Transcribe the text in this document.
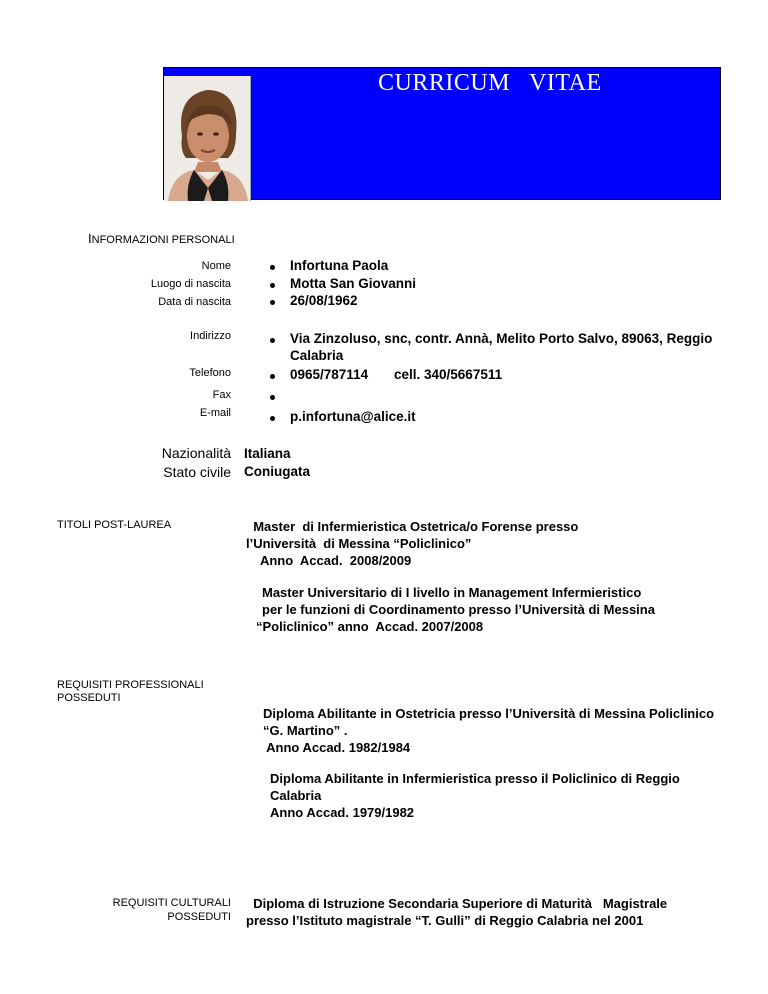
CURRICUM   VITAE
INFORMAZIONI PERSONALI
Nome	Infortuna Paola
Luogo di nascita	Motta San Giovanni
Data di nascita	26/08/1962
Indirizzo	Via Zinzoluso, snc, contr. Annà, Melito Porto Salvo, 89063, Reggio
Calabria
Telefono	0965/787114 cell. 340/5667511
Fax
E-mail	p.infortuna@alice.it
Nazionalità Italiana
Stato civile Coniugata
TITOLI POST-LAUREA	Master  di Infermieristica Ostetrica/o Forense presso
l’Università  di Messina “Policlinico”
Anno  Accad.  2008/2009
Master Universitario di I livello in Management Infermieristico
per le funzioni di Coordinamento presso l’Università di Messina
“Policlinico” anno  Accad. 2007/2008
REQUISITI PROFESSIONALI
POSSEDUTI
Diploma Abilitante in Ostetricia presso l’Università di Messina Policlinico
“G. Martino” .
Anno Accad. 1982/1984
Diploma Abilitante in Infermieristica presso il Policlinico di Reggio
Calabria
Anno Accad. 1979/1982
REQUISITI CULTURALI
POSSEDUTI
Diploma di Istruzione Secondaria Superiore di Maturità   Magistrale
presso l’Istituto magistrale “T. Gulli” di Reggio Calabria nel 2001
